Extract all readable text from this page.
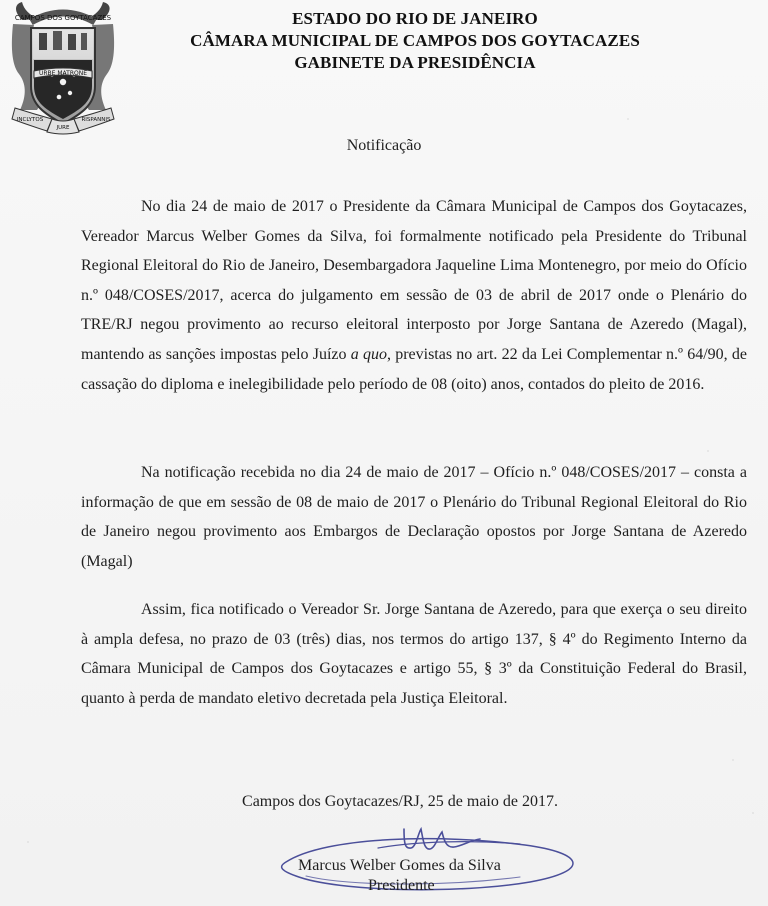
CAMPOS DOS GOYTACAZES
URBE MATRONE
INCLYTOS
JURE
RISPANNIS
ESTADO DO RIO DE JANEIRO
CÂMARA MUNICIPAL DE CAMPOS DOS GOYTACAZES
GABINETE DA PRESIDÊNCIA
Notificação

No dia 24 de maio de 2017 o Presidente da Câmara Municipal de Campos dos Goytacazes, Vereador Marcus Welber Gomes da Silva, foi formalmente notificado pela Presidente do Tribunal Regional Eleitoral do Rio de Janeiro, Desembargadora Jaqueline Lima Montenegro, por meio do Ofício n.º 048/COSES/2017, acerca do julgamento em sessão de 03 de abril de 2017 onde o Plenário do TRE/RJ negou provimento ao recurso eleitoral interposto por Jorge Santana de Azeredo (Magal), mantendo as sanções impostas pelo Juízo a quo, previstas no art. 22 da Lei Complementar n.º 64/90, de cassação do diploma e inelegibilidade pelo período de 08 (oito) anos, contados do pleito de 2016.

Na notificação recebida no dia 24 de maio de 2017 – Ofício n.º 048/COSES/2017 – consta a informação de que em sessão de 08 de maio de 2017 o Plenário do Tribunal Regional Eleitoral do Rio de Janeiro negou provimento aos Embargos de Declaração opostos por Jorge Santana de Azeredo (Magal)

Assim, fica notificado o Vereador Sr. Jorge Santana de Azeredo, para que exerça o seu direito à ampla defesa, no prazo de 03 (três) dias, nos termos do artigo 137, § 4º do Regimento Interno da Câmara Municipal de Campos dos Goytacazes e artigo 55, § 3º da Constituição Federal do Brasil, quanto à perda de mandato eletivo decretada pela Justiça Eleitoral.

Campos dos Goytacazes/RJ, 25 de maio de 2017.
Marcus Welber Gomes da Silva
Presidente
